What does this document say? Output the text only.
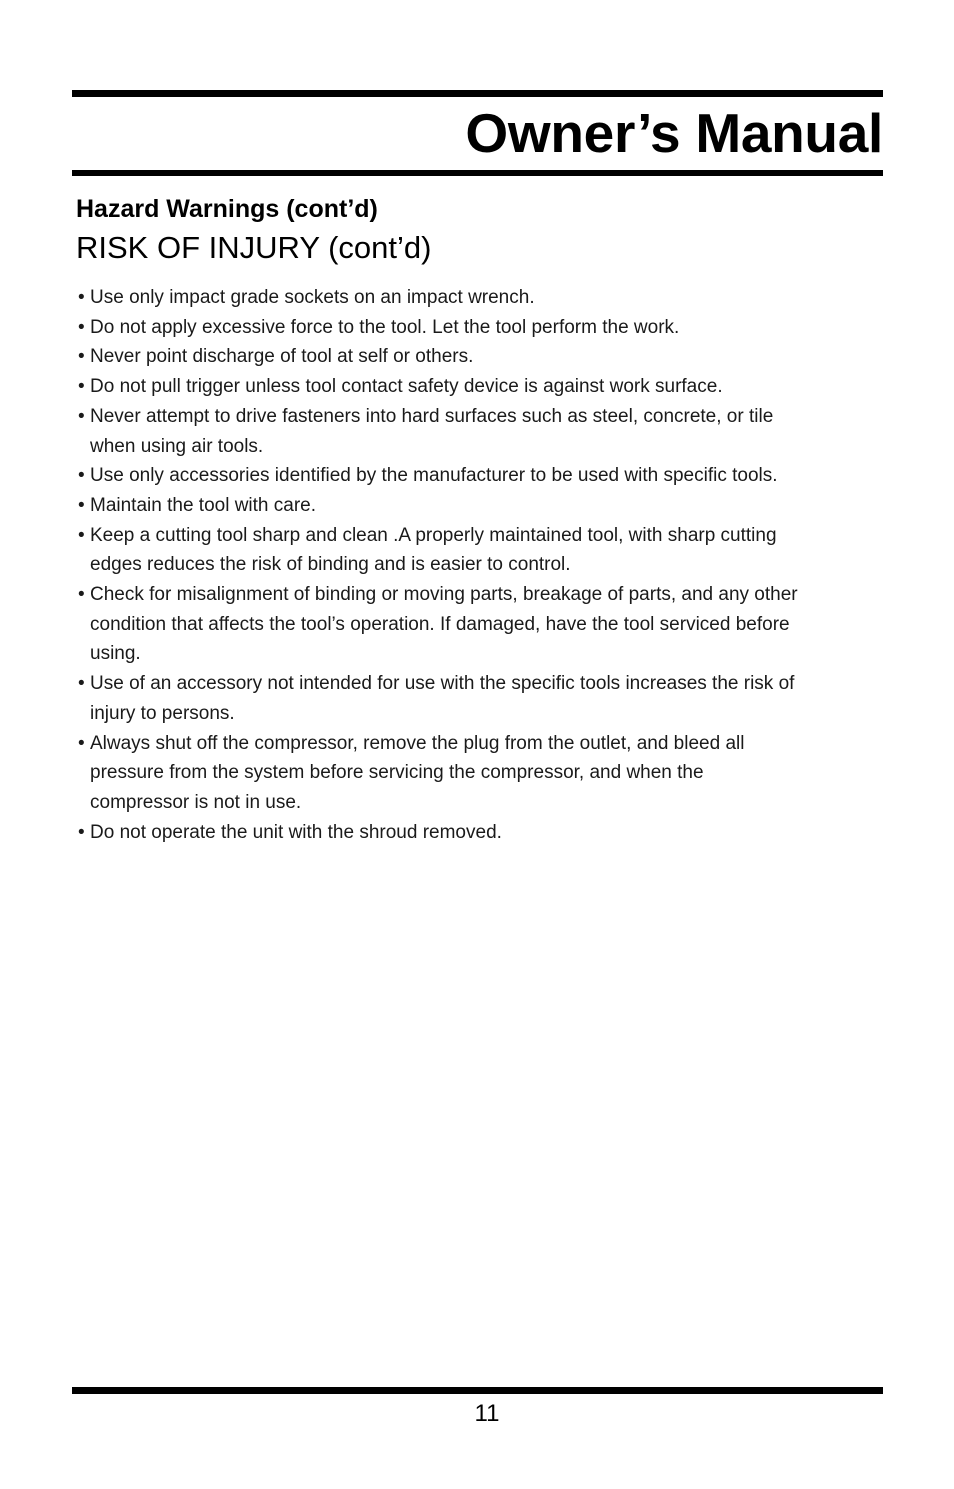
Owner’s Manual
Hazard Warnings (cont’d)
RISK OF INJURY (cont’d)
• Use only impact grade sockets on an impact wrench.
• Do not apply excessive force to the tool. Let the tool perform the work.
• Never point discharge of tool at self or others.
• Do not pull trigger unless tool contact safety device is against work surface.
• Never attempt to drive fasteners into hard surfaces such as steel, concrete, or tile
when using air tools.
• Use only accessories identified by the manufacturer to be used with specific tools.
• Maintain the tool with care.
• Keep a cutting tool sharp and clean .A properly maintained tool, with sharp cutting
edges reduces the risk of binding and is easier to control.
• Check for misalignment of binding or moving parts, breakage of parts, and any other
condition that affects the tool’s operation. If damaged, have the tool serviced before
using.
• Use of an accessory not intended for use with the specific tools increases the risk of
injury to persons.
• Always shut off the compressor, remove the plug from the outlet, and bleed all
pressure from the system before servicing the compressor, and when the
compressor is not in use.
• Do not operate the unit with the shroud removed.
11
